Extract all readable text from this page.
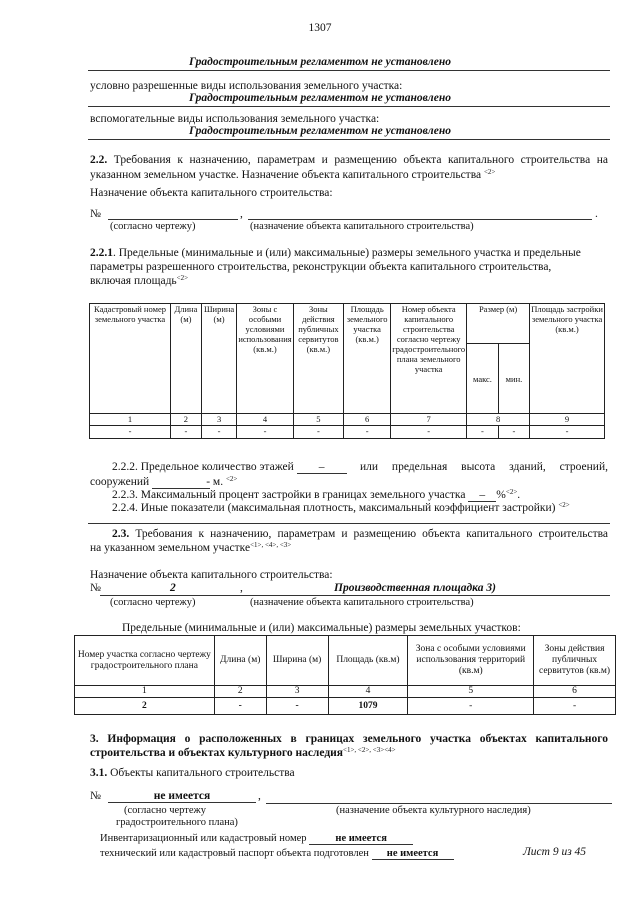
1307
Градостроительным регламентом не установлено
условно разрешенные виды использования земельного участка:
Градостроительным регламентом не установлено
вспомогательные виды использования земельного участка:
Градостроительным регламентом не установлено
2.2. Требования к назначению, параметрам и размещению объекта капитального строительства на
указанном земельном участке. Назначение объекта капитального строительства $^{<2>}$
Назначение объекта капитального строительства:
№	,	.
(согласно чертежу)	(назначение объекта капитального строительства)
2.2.1. Предельные (минимальные и (или) максимальные) размеры земельного участка и предельные
параметры разрешенного строительства, реконструкции объекта капитального строительства,
включая площадь$^{<2>}$
Кадастровый номер земельного участка	Длина (м)	Ширина (м)	Зоны с особыми условиями использования (кв.м.)	Зоны действия публичных сервитутов (кв.м.)	Площадь земельного участка (кв.м.)	Номер объекта капитального строительства согласно чертежу градостроительного плана земельного участка	Размер (м)		Площадь застройки земельного участка (кв.м.)
							макс.	мин.	
1	2	3	4	5	6	7	8		9
-	-	-	-	-	-	-	-	-	-
2.2.2. Предельное количество этажей –	или предельная высота зданий, строений,
сооружений	- м. $^{<2>}$
2.2.3. Максимальный процент застройки в границах земельного участка – %$^{<2>}$.
2.2.4. Иные показатели (максимальная плотность, максимальный коэффициент застройки) $^{<2>}$
2.3. Требования к назначению, параметрам и размещению объекта капитального строительства
на указанном земельном участке$^{<1>, <4>, <3>}$
Назначение объекта капитального строительства:
№	2	,	Производственная площадка 3)
(согласно чертежу)	(назначение объекта капитального строительства)
Предельные (минимальные и (или) максимальные) размеры земельных участков:
Номер участка согласно чертежу градостроительного плана	Длина (м)	Ширина (м)	Площадь (кв.м)	Зона с особыми условиями использования территорий (кв.м)	Зоны действия публичных сервитутов (кв.м)
1	2	3	4	5	6
2	-	-	1079	-	-
3. Информация о расположенных в границах земельного участка объектах капитального
строительства и объектах культурного наследия$^{<1>, <2>, <3><4>}$
3.1. Объекты капитального строительства
№	не имеется	,
(согласно чертежу
градостроительного плана)
(назначение объекта культурного наследия)
Инвентаризационный или кадастровый номер	не имеется
технический или кадастровый паспорт объекта подготовлен не имеется	Лист 9 из 45
